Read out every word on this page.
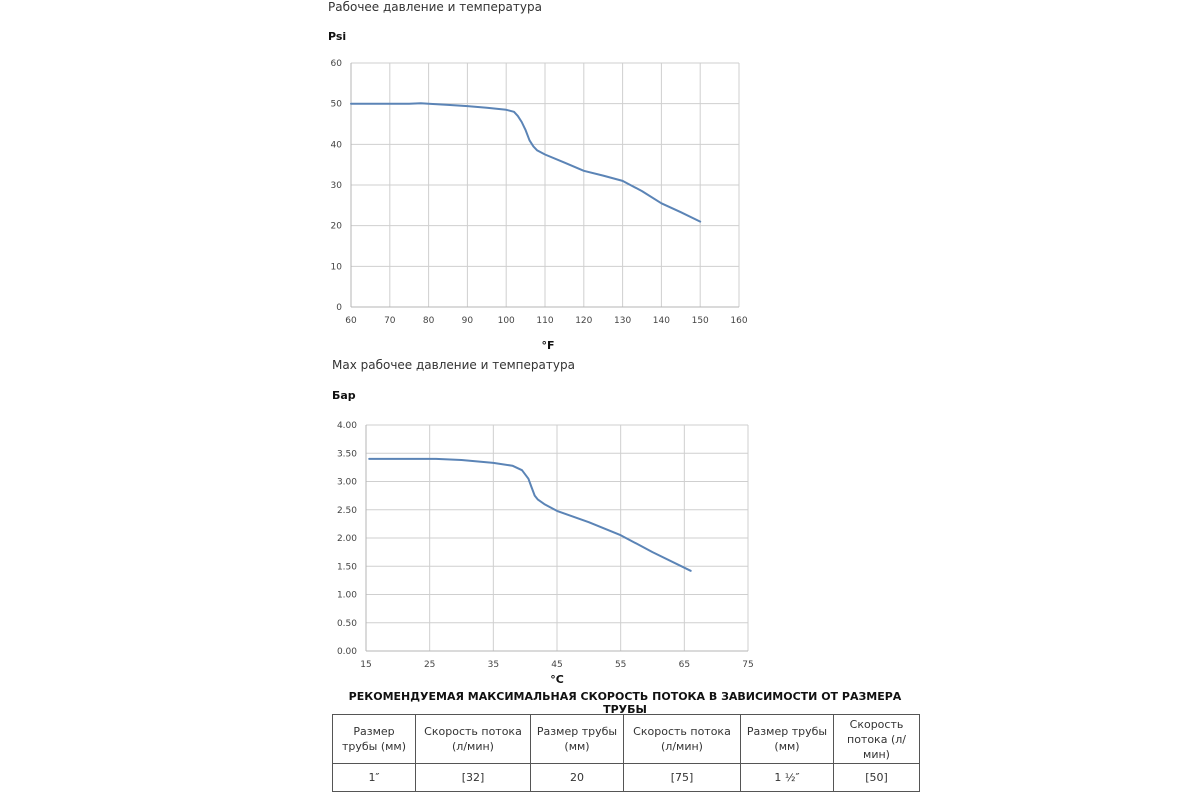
Рабочее давление и температура
Psi
Max рабочее давление и температура
Бар
60	70	80	90	100 110 120 130 140 150 160
0
10
20
30
40
50
60
°F
15	25	35	45	55	65	75
0.00
0.50
1.00
1.50
2.00
2.50
3.00
3.50
4.00
°C
РЕКОМЕНДУЕМАЯ МАКСИМАЛЬНАЯ СКОРОСТЬ ПОТОКА В ЗАВИСИМОСТИ ОТ РАЗМЕРА ТРУБЫ
Размер трубы (мм)	Скорость потока (л/мин)	Размер трубы (мм)	Скорость потока (л/мин)	Размер трубы (мм)	Скорость потока (л/мин)
1″	[32]	20	[75]	1 ½″	[50]
